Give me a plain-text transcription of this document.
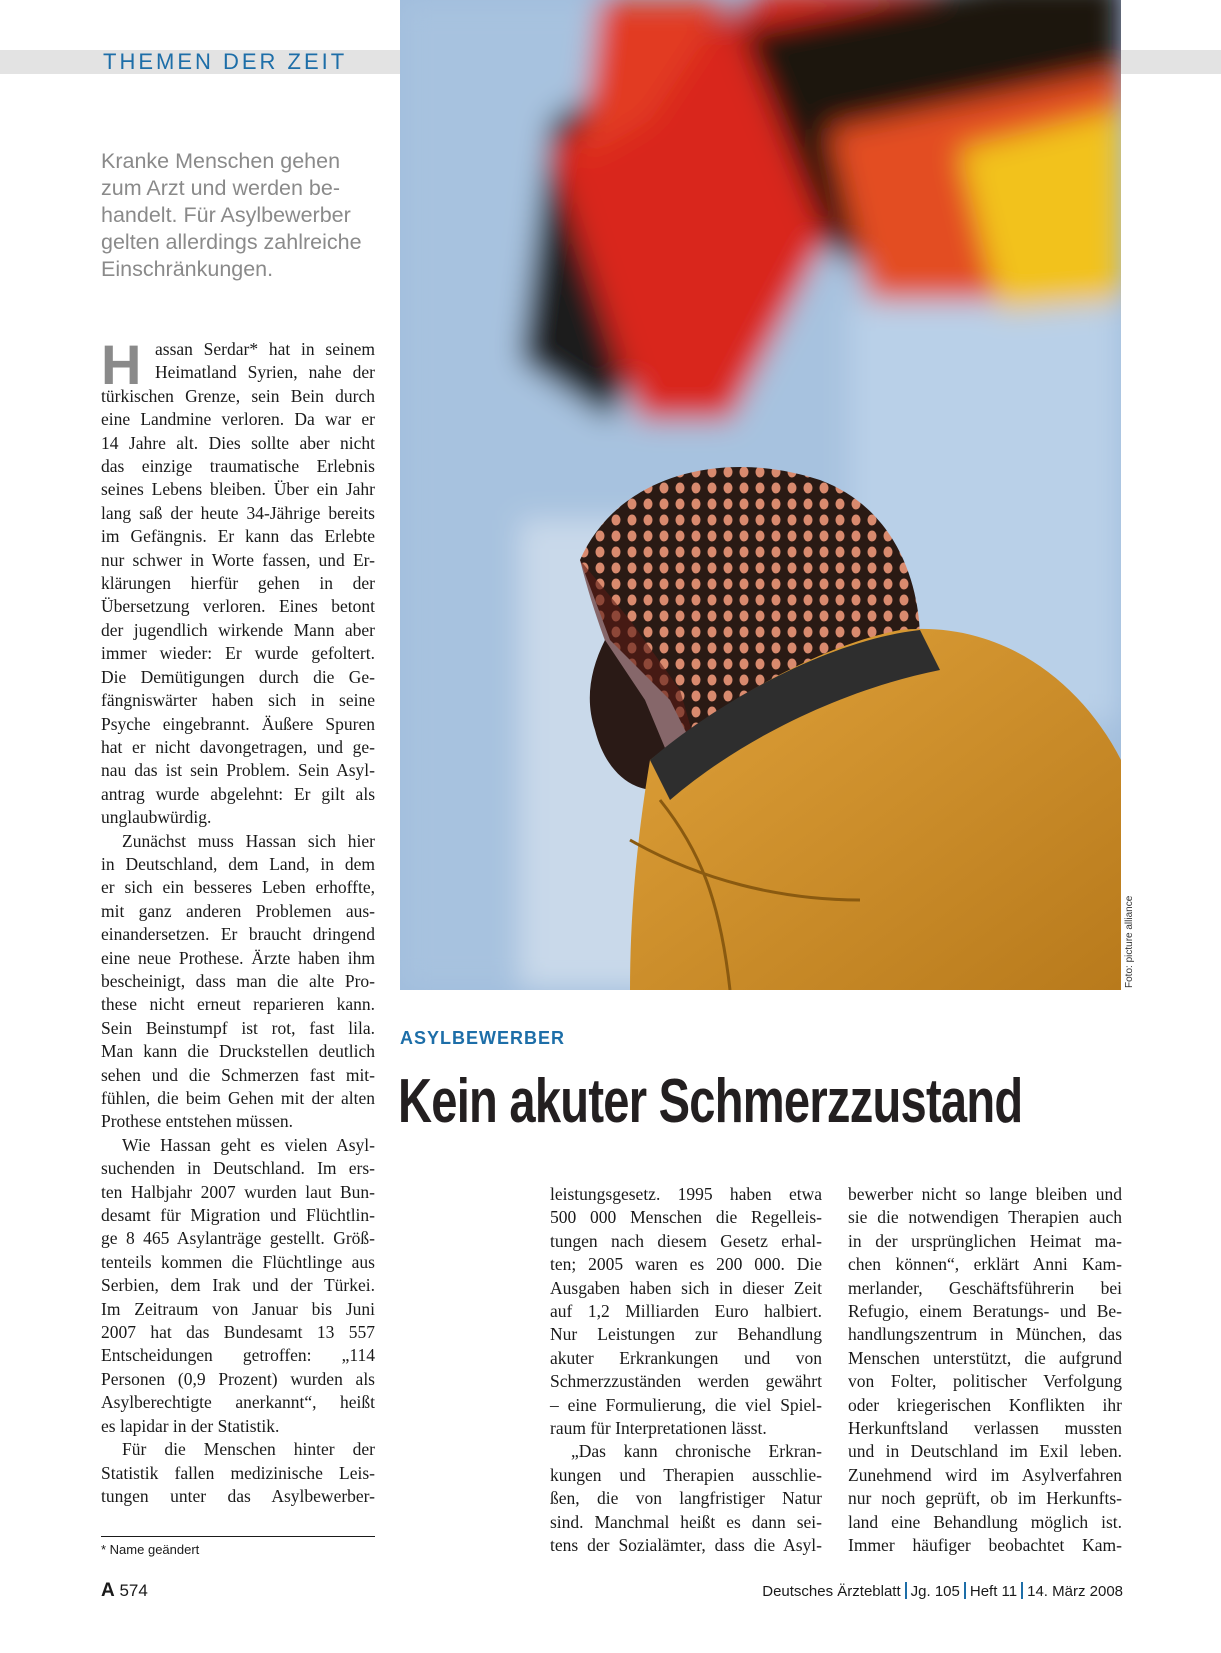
THEMEN DER ZEIT
Kranke Menschen gehen
zum Arzt und werden be-
handelt. Für Asylbewerber
gelten allerdings zahlreiche
Einschränkungen.
Foto: picture alliance
ASYLBEWERBER
Kein akuter Schmerzzustand
H assan Serdar* hat in seinem
Heimatland Syrien, nahe der
türkischen Grenze, sein Bein durch
eine Landmine verloren. Da war er
14 Jahre alt. Dies sollte aber nicht
das einzige traumatische Erlebnis
seines Lebens bleiben. Über ein Jahr
lang saß der heute 34-Jährige bereits
im Gefängnis. Er kann das Erlebte
nur schwer in Worte fassen, und Er-
klärungen hierfür gehen in der
Übersetzung verloren. Eines betont
der jugendlich wirkende Mann aber
immer wieder: Er wurde gefoltert.
Die Demütigungen durch die Ge-
fängniswärter haben sich in seine
Psyche eingebrannt. Äußere Spuren
hat er nicht davongetragen, und ge-
nau das ist sein Problem. Sein Asyl-
antrag wurde abgelehnt: Er gilt als
unglaubwürdig.
Zunächst muss Hassan sich hier
in Deutschland, dem Land, in dem
er sich ein besseres Leben erhoffte,
mit ganz anderen Problemen aus-
einandersetzen. Er braucht dringend
eine neue Prothese. Ärzte haben ihm
bescheinigt, dass man die alte Pro-
these nicht erneut reparieren kann.
Sein Beinstumpf ist rot, fast lila.
Man kann die Druckstellen deutlich
sehen und die Schmerzen fast mit-
fühlen, die beim Gehen mit der alten
Prothese entstehen müssen.
Wie Hassan geht es vielen Asyl-
suchenden in Deutschland. Im ers-
ten Halbjahr 2007 wurden laut Bun-
desamt für Migration und Flüchtlin-
ge 8 465 Asylanträge gestellt. Größ-
tenteils kommen die Flüchtlinge aus
Serbien, dem Irak und der Türkei.
Im Zeitraum von Januar bis Juni
2007 hat das Bundesamt 13 557
Entscheidungen getroffen: „114
Personen (0,9 Prozent) wurden als
Asylberechtigte anerkannt“, heißt
es lapidar in der Statistik.
Für die Menschen hinter der
Statistik fallen medizinische Leis-
tungen unter das Asylbewerber-
* Name geändert
leistungsgesetz. 1995 haben etwa
500 000 Menschen die Regelleis-
tungen nach diesem Gesetz erhal-
ten; 2005 waren es 200 000. Die
Ausgaben haben sich in dieser Zeit
auf 1,2 Milliarden Euro halbiert.
Nur Leistungen zur Behandlung
akuter Erkrankungen und von
Schmerzzuständen werden gewährt
– eine Formulierung, die viel Spiel-
raum für Interpretationen lässt.
„Das kann chronische Erkran-
kungen und Therapien ausschlie-
ßen, die von langfristiger Natur
sind. Manchmal heißt es dann sei-
tens der Sozialämter, dass die Asyl-
bewerber nicht so lange bleiben und
sie die notwendigen Therapien auch
in der ursprünglichen Heimat ma-
chen können“, erklärt Anni Kam-
merlander, Geschäftsführerin bei
Refugio, einem Beratungs- und Be-
handlungszentrum in München, das
Menschen unterstützt, die aufgrund
von Folter, politischer Verfolgung
oder kriegerischen Konflikten ihr
Herkunftsland verlassen mussten
und in Deutschland im Exil leben.
Zunehmend wird im Asylverfahren
nur noch geprüft, ob im Herkunfts-
land eine Behandlung möglich ist.
Immer häufiger beobachtet Kam-
A 574	Deutsches Ärzteblatt Jg. 105 Heft 11 14. März 2008
